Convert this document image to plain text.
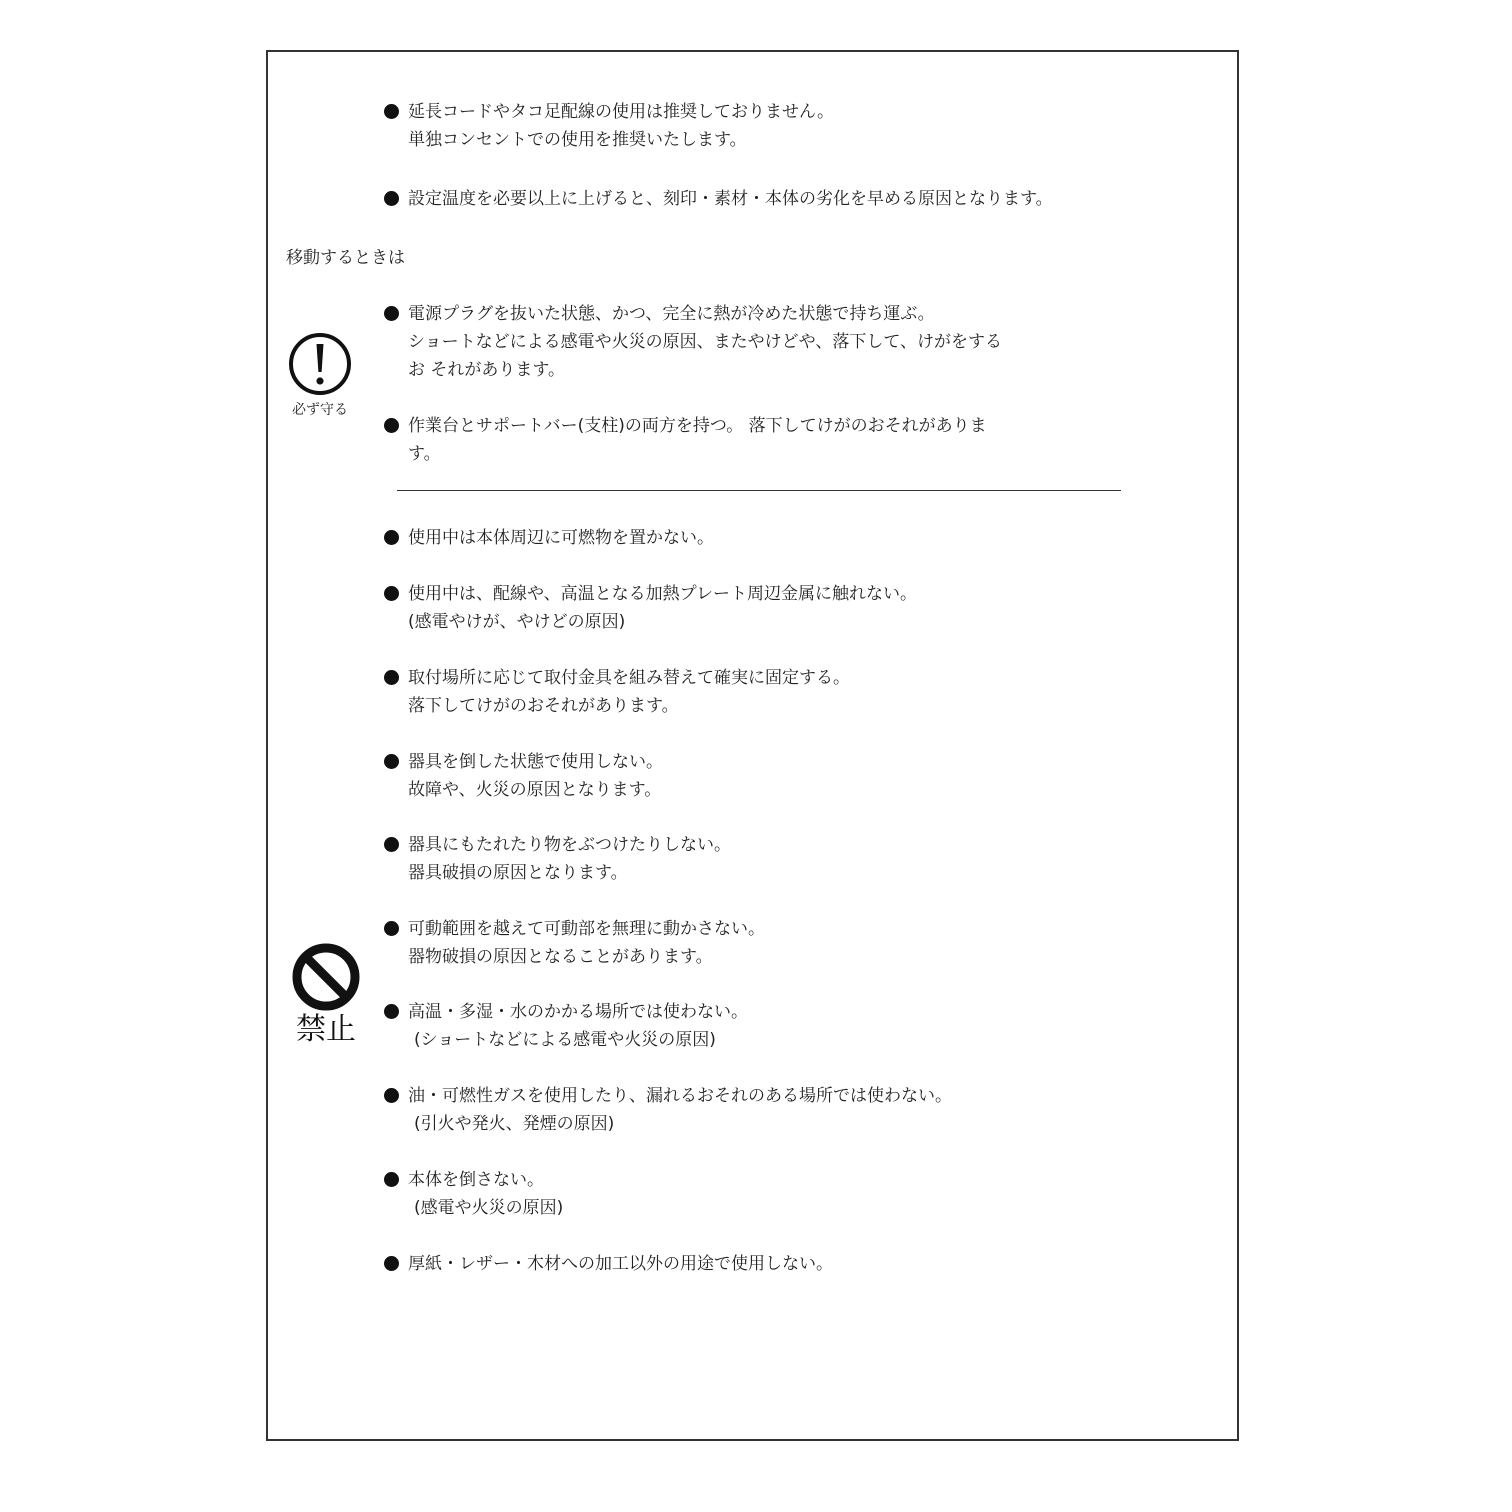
延長コードやタコ足配線の使用は推奨しておりません。
単独コンセントでの使用を推奨いたします。
設定温度を必要以上に上げると、刻印・素材・本体の劣化を早める原因となります。
移動するときは
必ず守る
電源プラグを抜いた状態、かつ、完全に熱が冷めた状態で持ち運ぶ。
ショートなどによる感電や火災の原因、またやけどや、落下して、けがをする
お それがあります。
作業台とサポートバー(支柱)の両方を持つ。 落下してけがのおそれがありま
す。
使用中は本体周辺に可燃物を置かない。
使用中は、配線や、高温となる加熱プレート周辺金属に触れない。
(感電やけが、やけどの原因)
取付場所に応じて取付金具を組み替えて確実に固定する。
落下してけがのおそれがあります。
器具を倒した状態で使用しない。
故障や、火災の原因となります。
器具にもたれたり物をぶつけたりしない。
器具破損の原因となります。
可動範囲を越えて可動部を無理に動かさない。
器物破損の原因となることがあります。
禁止	高温・多湿・水のかかる場所では使わない。
(ショートなどによる感電や火災の原因)
油・可燃性ガスを使用したり、漏れるおそれのある場所では使わない。
(引火や発火、発煙の原因)
本体を倒さない。
(感電や火災の原因)
厚紙・レザー・木材への加工以外の用途で使用しない。
